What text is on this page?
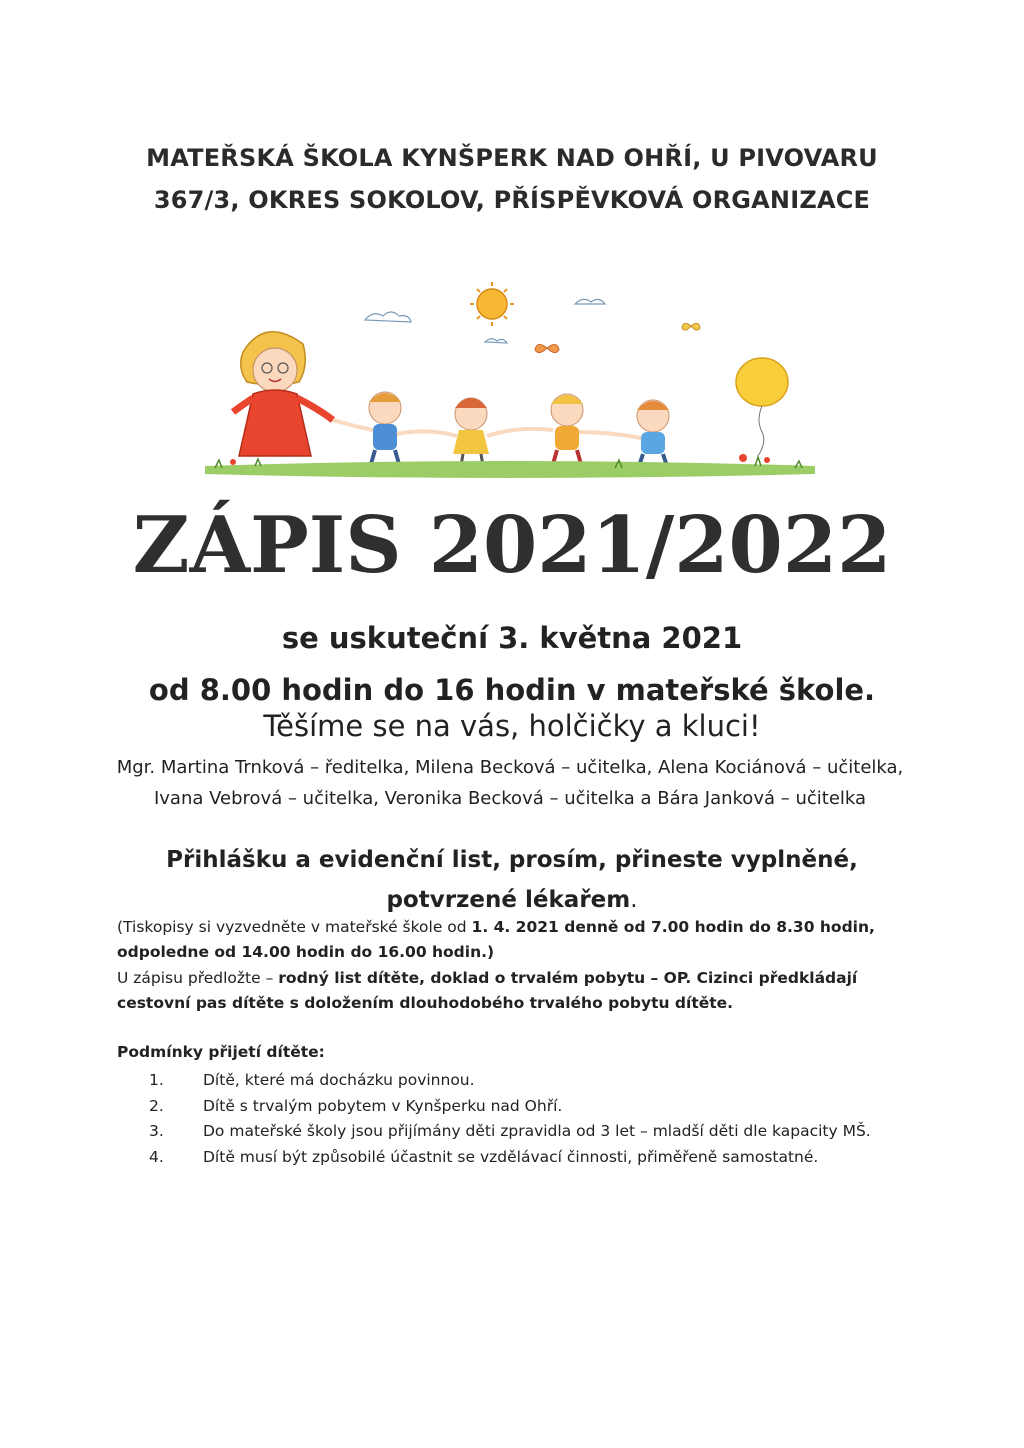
MATEŘSKÁ ŠKOLA KYNŠPERK NAD OHŘÍ, U PIVOVARU
367/3, OKRES SOKOLOV, PŘÍSPĚVKOVÁ ORGANIZACE
ZÁPIS 2021/2022
se uskuteční 3. května 2021
od 8.00 hodin do 16 hodin v mateřské škole.
Těšíme se na vás, holčičky a kluci!
Mgr. Martina Trnková – ředitelka, Milena Becková – učitelka, Alena Kociánová – učitelka, Ivana Vebrová – učitelka, Veronika Becková – učitelka a Bára Janková – učitelka
Přihlášku a evidenční list, prosím, přineste vyplněné,
potvrzené lékařem.
(Tiskopisy si vyzvedněte v mateřské škole od 1. 4. 2021 denně od 7.00 hodin do 8.30 hodin, odpoledne od 14.00 hodin do 16.00 hodin.)
U zápisu předložte – rodný list dítěte, doklad o trvalém pobytu – OP. Cizinci předkládají cestovní pas dítěte s doložením dlouhodobého trvalého pobytu dítěte.
Podmínky přijetí dítěte:
1.	Dítě, které má docházku povinnou.
2.	Dítě s trvalým pobytem v Kynšperku nad Ohří.
3.	Do mateřské školy jsou přijímány děti zpravidla od 3 let – mladší děti dle kapacity MŠ.
4.	Dítě musí být způsobilé účastnit se vzdělávací činnosti, přiměřeně samostatné.
